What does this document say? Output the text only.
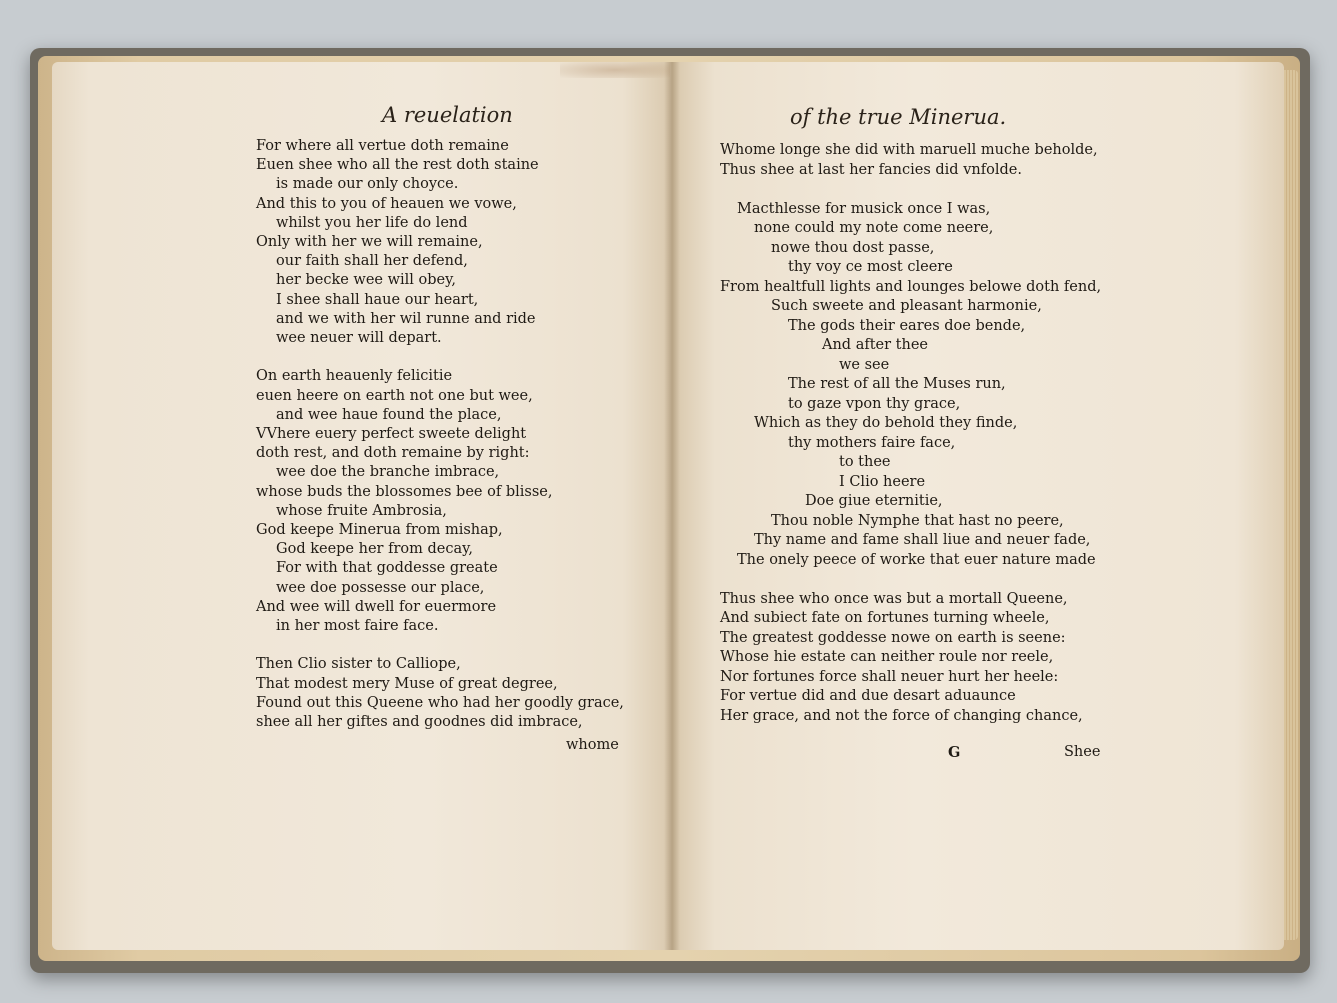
A reuelation
For where all vertue doth remaine
Euen shee who all the rest doth staine
is made our only choyce.
And this to you of heauen we vowe,
whilst you her life do lend
Only with her we will remaine,
our faith shall her defend,
her becke wee will obey,
I shee shall haue our heart,
and we with her wil runne and ride
wee neuer will depart.
On earth heauenly felicitie
euen heere on earth not one but wee,
and wee haue found the place,
VVhere euery perfect sweete delight
doth rest, and doth remaine by right:
wee doe the branche imbrace,
whose buds the blossomes bee of blisse,
whose fruite Ambrosia,
God keepe Minerua from mishap,
God keepe her from decay,
For with that goddesse greate
wee doe possesse our place,
And wee will dwell for euermore
in her most faire face.
Then Clio sister to Calliope,
That modest mery Muse of great degree,
Found out this Queene who had her goodly grace,
shee all her giftes and goodnes did imbrace,
whome
of the true Minerua.
Whome longe she did with maruell muche beholde,
Thus shee at last her fancies did vnfolde.
Macthlesse for musick once I was,
none could my note come neere,
nowe thou dost passe,
thy voy ce most cleere
From healtfull lights and lounges belowe doth fend,
Such sweete and pleasant harmonie,
The gods their eares doe bende,
And after thee
we see
The rest of all the Muses run,
to gaze vpon thy grace,
Which as they do behold they finde,
thy mothers faire face,
to thee
I Clio heere
Doe giue eternitie,
Thou noble Nymphe that hast no peere,
Thy name and fame shall liue and neuer fade,
The onely peece of worke that euer nature made
Thus shee who once was but a mortall Queene,
And subiect fate on fortunes turning wheele,
The greatest goddesse nowe on earth is seene:
Whose hie estate can neither roule nor reele,
Nor fortunes force shall neuer hurt her heele:
For vertue did and due desart aduaunce
Her grace, and not the force of changing chance,
G	Shee
